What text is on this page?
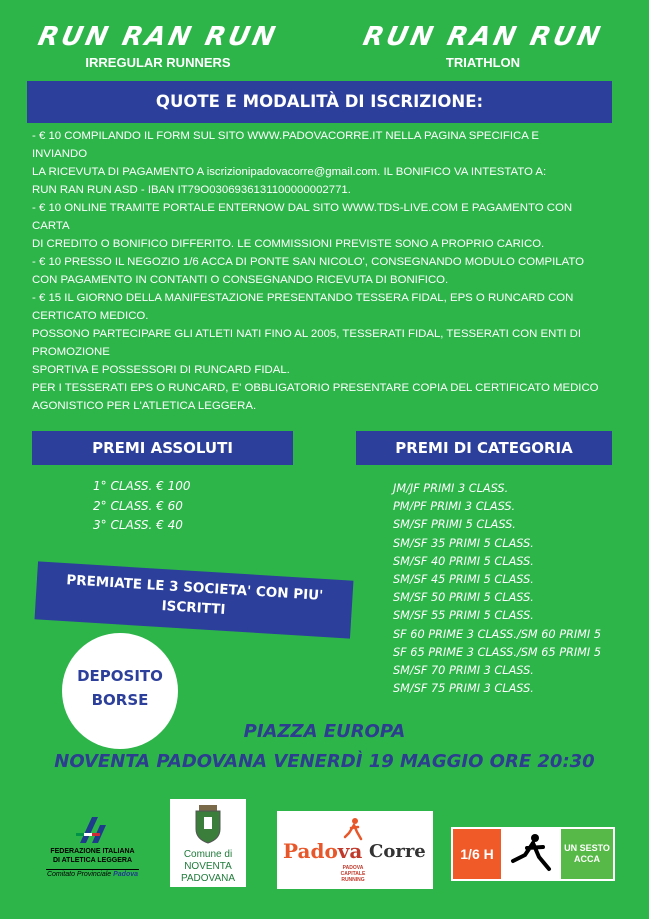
RUN RAN RUN
IRREGULAR RUNNERS
RUN RAN RUN
TRIATHLON
QUOTE E MODALITÀ DI ISCRIZIONE:
- € 10 COMPILANDO IL FORM SUL SITO WWW.PADOVACORRE.IT NELLA PAGINA SPECIFICA E
INVIANDO
LA RICEVUTA DI PAGAMENTO A iscrizionipadovacorre@gmail.com. IL BONIFICO VA INTESTATO A:
RUN RAN RUN ASD - IBAN IT79O0306936131100000002771.
- € 10 ONLINE TRAMITE PORTALE ENTERNOW DAL SITO WWW.TDS-LIVE.COM E PAGAMENTO CON
CARTA
DI CREDITO O BONIFICO DIFFERITO. LE COMMISSIONI PREVISTE SONO A PROPRIO CARICO.
- € 10 PRESSO IL NEGOZIO 1/6 ACCA DI PONTE SAN NICOLO', CONSEGNANDO MODULO COMPILATO
CON PAGAMENTO IN CONTANTI O CONSEGNANDO RICEVUTA DI BONIFICO.
- € 15 IL GIORNO DELLA MANIFESTAZIONE PRESENTANDO TESSERA FIDAL, EPS O RUNCARD CON
CERTICATO MEDICO.
POSSONO PARTECIPARE GLI ATLETI NATI FINO AL 2005, TESSERATI FIDAL, TESSERATI CON ENTI DI
PROMOZIONE
SPORTIVA E POSSESSORI DI RUNCARD FIDAL.
PER I TESSERATI EPS O RUNCARD, E' OBBLIGATORIO PRESENTARE COPIA DEL CERTIFICATO MEDICO
AGONISTICO PER L'ATLETICA LEGGERA.
PREMI ASSOLUTI
1° CLASS. € 100
2° CLASS. € 60
3° CLASS. € 40
PREMI DI CATEGORIA
JM/JF PRIMI 3 CLASS.
PM/PF PRIMI 3 CLASS.
SM/SF PRIMI 5 CLASS.
SM/SF 35 PRIMI 5 CLASS.
SM/SF 40 PRIMI 5 CLASS.
SM/SF 45 PRIMI 5 CLASS.
SM/SF 50 PRIMI 5 CLASS.
SM/SF 55 PRIMI 5 CLASS.
SF 60 PRIME 3 CLASS./SM 60 PRIMI 5
SF 65 PRIME 3 CLASS./SM 65 PRIMI 5
SM/SF 70 PRIMI 3 CLASS.
SM/SF 75 PRIMI 3 CLASS.
PREMIATE LE 3 SOCIETA' CON PIU'
ISCRITTI
DEPOSITO
BORSE
PIAZZA EUROPA
NOVENTA PADOVANA VENERDÌ 19 MAGGIO ORE 20:30
FEDERAZIONE ITALIANA
DI ATLETICA LEGGERA
Comitato Provinciale Padova
Comune di
NOVENTA
PADOVANA
Padova Corre
PADOVA
CAPITALE
RUNNING
1/6 H	UN SESTO
ACCA
